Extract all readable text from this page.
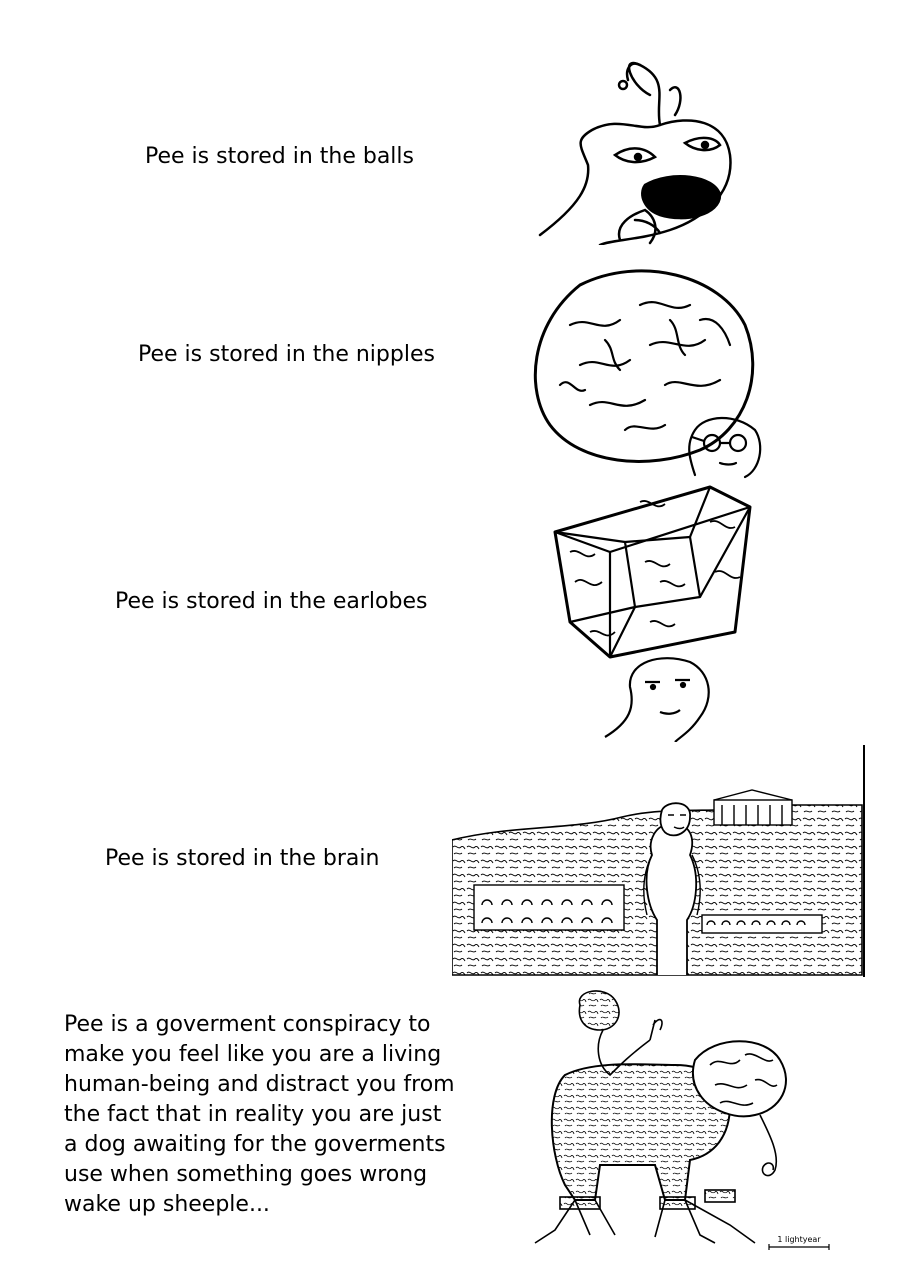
Pee is stored in the balls
Pee is stored in the nipples
Pee is stored in the earlobes
Pee is stored in the brain
Pee is a goverment conspiracy to
make you feel like you are a living
human-being and distract you from
the fact that in reality you are just
a dog awaiting for the goverments
use when something goes wrong
wake up sheeple...
1 lightyear
